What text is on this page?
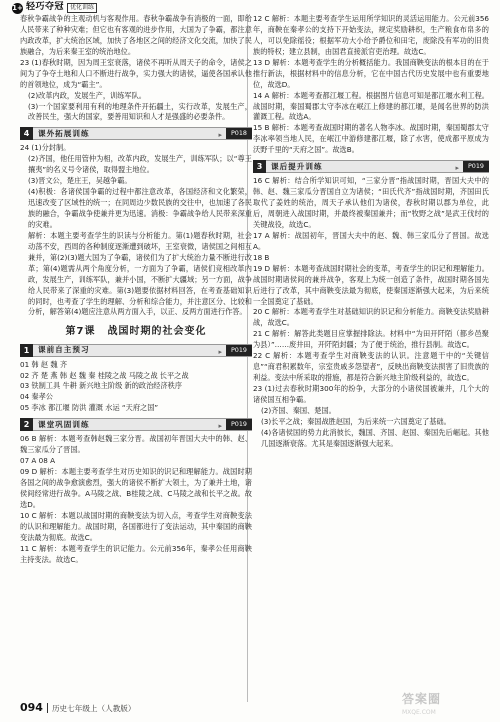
1+ 轻巧夺冠	优化训练

春秋争霸战争的主观动机与客观作用。春秋争霸战争有消极的一面，即给人民带来了种种灾难；但它也有客观的进步作用，大国为了争霸，都注意内政改革，扩大统治区域，加快了各地区之间的经济文化交流，加快了民族融合，为后来秦王室的统治地位。

23 (1)春秋时期，因为周王室衰落，诸侯不再听从周天子的命令，诸侯之间为了争夺土地和人口不断进行战争，实力强大的诸侯，逼使各国承认他的首领地位，成为“霸主”。

(2)改革内政，发展生产，训练军队。

(3)一个国家要利用有利的地理条件开拓疆土，实行改革，发展生产，改善民生，强大的国家，要善用知识和人才是强盛的必要条件。

4	课外拓展训练	▸	P018

24 (1)分封制。

(2)齐国，他任用管仲为相，改革内政，发展生产，训练军队；以“尊王攘夷”的名义号令诸侯，取得盟主地位。

(3)晋文公，楚庄王，吴越争霸。

(4)积极：各诸侯国争霸的过程中都注意改革，各国经济和文化繁荣，迅速改变了区域性的统一；在同周边少数民族的交往中，也加速了各民族的融合，争霸战争使兼并更为迅速。消极：争霸战争给人民带来深重的灾难。

解析：本题主要考查学生的识读与分析能力。第(1)题春秋时期，社会动荡不安，西周的各种制度逐渐遭到破坏，王室衰微，诸侯国之间相互兼并，第(2)(3)题大国为了争霸，诸侯们为了扩大统治力量不断进行改革；第(4)题需从两个角度分析，一方面为了争霸，诸侯们竞相改革内政，发展生产，训练军队，兼并小国，不断扩大疆域；另一方面，战争给人民带来了深重的灾难。第(3)题要依据材料回答，在考查基础知识的同时，也考查了学生的理解、分析和综合能力，并注意区分、比较和分析，解答第(4)题应注意从两方面入手，以正、反两方面进行作答。

第7课 战国时期的社会变化
1	课前自主预习	▸	P019

01 韩 赵 魏 齐

02 齐 楚 燕 韩 赵 魏 秦 桂陵之战 马陵之战 长平之战

03 铁制工具 牛耕 新兴地主阶级 新的政治经济秩序

04 秦孝公

05 李冰 都江堰 防洪 灌溉 水运 “天府之国”

2	课堂巩固训练	▸	P019

06 B 解析：本题考查韩赵魏三家分晋。战国初年晋国大夫中的韩、赵、魏三家瓜分了晋国。

07 A 08 A

09 D 解析：本题主要考查学生对历史知识的识记和理解能力。战国时期各国之间的战争愈演愈烈，强大的诸侯不断扩大领土，为了兼并土地，诸侯间经常进行战争。A马陵之战、B桂陵之战、C马陵之战和长平之战。故选D。

10 C 解析：本题以战国时期的商鞅变法为切入点，考查学生对商鞅变法的认识和理解能力。战国时期，各国都进行了变法运动，其中秦国的商鞅变法最为彻底。故选C。

11 C 解析：本题考查学生的识记能力。公元前356年，秦孝公任用商鞅主持变法。故选C。

12 C 解析：本题主要考查学生运用所学知识的灵活运用能力。公元前356年，商鞅在秦孝公的支持下开始变法，规定奖励耕织，生产粮食布帛多的人，可以免除徭役；根据军功大小给予爵位和田宅，废除没有军功的旧贵族的特权；建立县制，由国君直接派官吏治理。故选C。

13 D 解析：本题考查学生的分析概括能力。我国商鞅变法的根本目的在于推行新法，根据材料中的信息分析，它在中国古代历史发展中也有重要地位，故选D。

14 A 解析：本题考查都江堰工程。根据图片信息可知是都江堰水利工程。战国时期，秦国蜀郡太守李冰在岷江上修建的都江堰，是闻名世界的防洪灌溉工程。故选A。

15 B 解析：本题考查战国时期的著名人物李冰。战国时期，秦国蜀郡太守李冰率领当地人民，在岷江中游修建都江堰，除了水害，使成都平原成为沃野千里的“天府之国”。故选B。

3	课后提升训练	▸	P019

16 C 解析：结合所学知识可知，“三家分晋”指战国时期，晋国大夫中的韩、赵、魏三家瓜分晋国自立为诸侯；“田氏代齐”指战国时期，齐国田氏取代了姜姓的统治，周天子承认他们为诸侯，春秋时期以郡为单位，此后，周朝进入战国时期，并最终被秦国兼并；而“牧野之战”是武王伐纣的关键战役，故选C。

17 A 解析：战国初年，晋国大夫中的赵、魏、韩三家瓜分了晋国。故选A。

18 B

19 D 解析：本题考查战国时期社会的变革，考查学生的识记和理解能力。战国时期诸侯间的兼并战争，客观上为统一创造了条件，战国时期各国先后进行了改革，其中商鞅变法最为彻底，使秦国逐渐强大起来，为后来统一全国奠定了基础。

20 C 解析：本题考查学生对基础知识的识记和分析能力。商鞅变法奖励耕战，故选C。

21 C 解析：解答此类题目应掌握排除法。材料中“为田开阡陌（都乡邑聚为县）”……废井田，开阡陌封疆；为了便于统治，推行县制。故选C。

22 C 解析：本题考查学生对商鞅变法的认识。注意题干中的“关键信息”“商君积累数年，宗室贵戚多怨望者”，反映出商鞅变法损害了旧贵族的利益。变法中所采取的措施，都是符合新兴地主阶级利益的，故选C。

23 (1)过去春秋时期300年的纷争，大部分的小诸侯国被兼并，几个大的诸侯国互相争霸。

(2)齐国、秦国、楚国。

(3)长平之战；秦国战胜赵国，为后来统一六国奠定了基础。

(4)各诸侯国的势力此消彼长，魏国、齐国、赵国、秦国先后崛起。其他几国逐渐衰落。尤其是秦国逐渐强大起来。

094 历史七年级上（人教版）
答案圈
MXQE.COM
